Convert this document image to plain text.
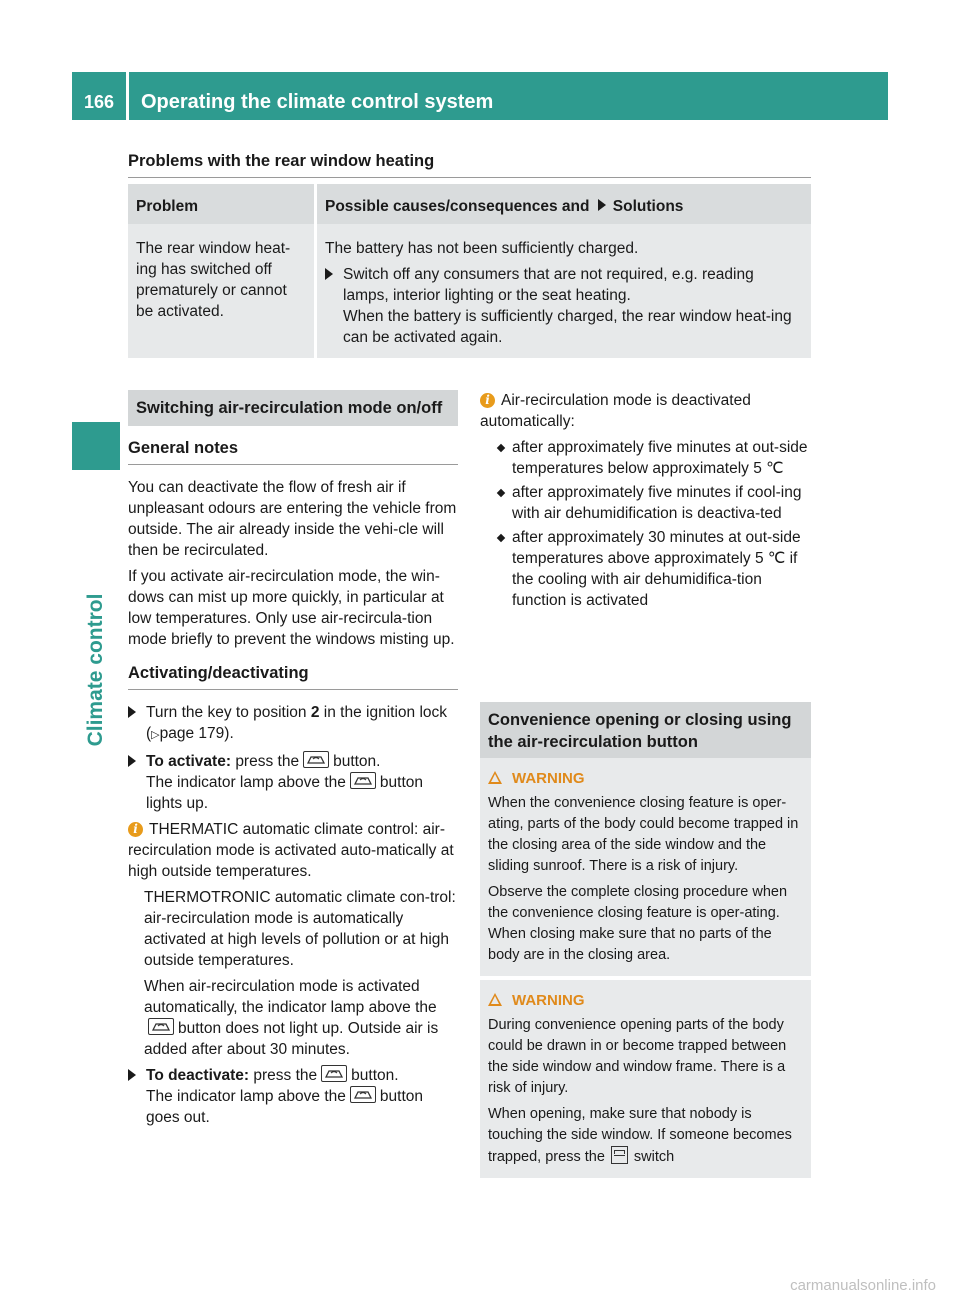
166	Operating the climate control system
Climate control
Problems with the rear window heating
Problem		Possible causes/consequences and Solutions
The rear window heat-ing has switched off prematurely or cannot be activated.		The battery has not been sufficiently charged.
Switch off any consumers that are not required, e.g. reading lamps, interior lighting or the seat heating.
When the battery is sufficiently charged, the rear window heat-ing can be activated again.
Switching air-recirculation mode on/off
General notes

You can deactivate the flow of fresh air if unpleasant odours are entering the vehicle from outside. The air already inside the vehi-cle will then be recirculated.

If you activate air-recirculation mode, the win-dows can mist up more quickly, in particular at low temperatures. Only use air-recircula-tion mode briefly to prevent the windows misting up.

Activating/deactivating
Turn the key to position 2 in the ignition lock (▷page 179).
To activate: press the button.
The indicator lamp above the button lights up.
i THERMATIC automatic climate control: air-recirculation mode is activated auto-matically at high outside temperatures.

THERMOTRONIC automatic climate con-trol: air-recirculation mode is automatically activated at high levels of pollution or at high outside temperatures.

When air-recirculation mode is activated automatically, the indicator lamp above the
button does not light up. Outside air is added after about 30 minutes.

To deactivate: press the button.
The indicator lamp above the button goes out.
i Air-recirculation mode is deactivated automatically:
after approximately five minutes at out-side temperatures below approximately 5 ℃
after approximately five minutes if cool-ing with air dehumidification is deactiva-ted
after approximately 30 minutes at out-side temperatures above approximately 5 ℃ if the cooling with air dehumidifica-tion function is activated
Convenience opening or closing using the air-recirculation button
WARNING

When the convenience closing feature is oper-ating, parts of the body could become trapped in the closing area of the side window and the sliding sunroof. There is a risk of injury.

Observe the complete closing procedure when the convenience closing feature is oper-ating. When closing make sure that no parts of the body are in the closing area.

WARNING

During convenience opening parts of the body could be drawn in or become trapped between the side window and window frame. There is a risk of injury.

When opening, make sure that nobody is touching the side window. If someone becomes trapped, press the switch

carmanualsonline.info
